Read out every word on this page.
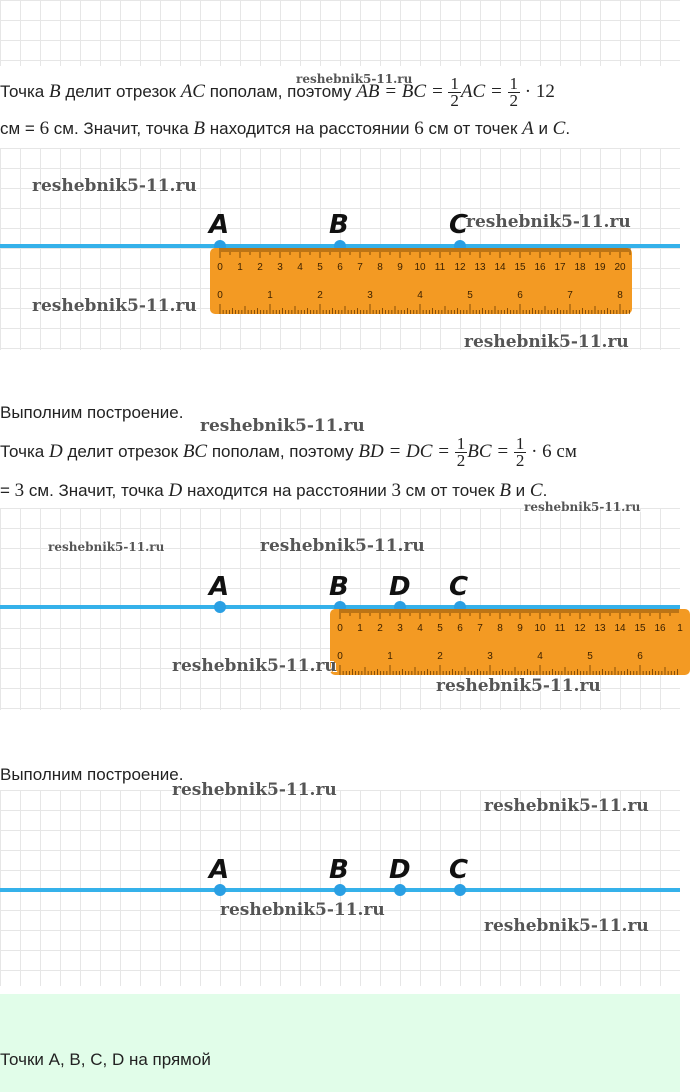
Точка B делит отрезок AC пополам, поэтому AB = BC = $\frac{1}{2}$ AC = $\frac{1}{2} \cdot 12$
см = 6 см. Значит, точка B находится на расстоянии 6 см от точек A и C.
reshebnik5-11.ru
A	B	C
0 1 2 3 4 5 6 7 8 9 10 11 12 13 14 15 16 17 18 19 20
0	1	2	3	4	5	6	7	8
reshebnik5-11.ru
reshebnik5-11.ru
reshebnik5-11.ru
reshebnik5-11.ru
Выполним построение.
Точка D делит отрезок BC пополам, поэтому BD = DC = $\frac{1}{2}$ BC = $\frac{1}{2} \cdot 6$ см
= 3 см. Значит, точка D находится на расстоянии 3 см от точек B и C.
reshebnik5-11.ru
A	B D C
0 1 2 3 4 5 6 7 8 9 10 11 12 13 14 15 16 1
0	1	2	3	4	5	6
reshebnik5-11.ru
reshebnik5-11.ru	reshebnik5-11.ru
reshebnik5-11.ru
reshebnik5-11.ru
Выполним построение.
A	B D C
reshebnik5-11.ru
reshebnik5-11.ru
reshebnik5-11.ru
reshebnik5-11.ru
Точки A, B, C, D на прямой
